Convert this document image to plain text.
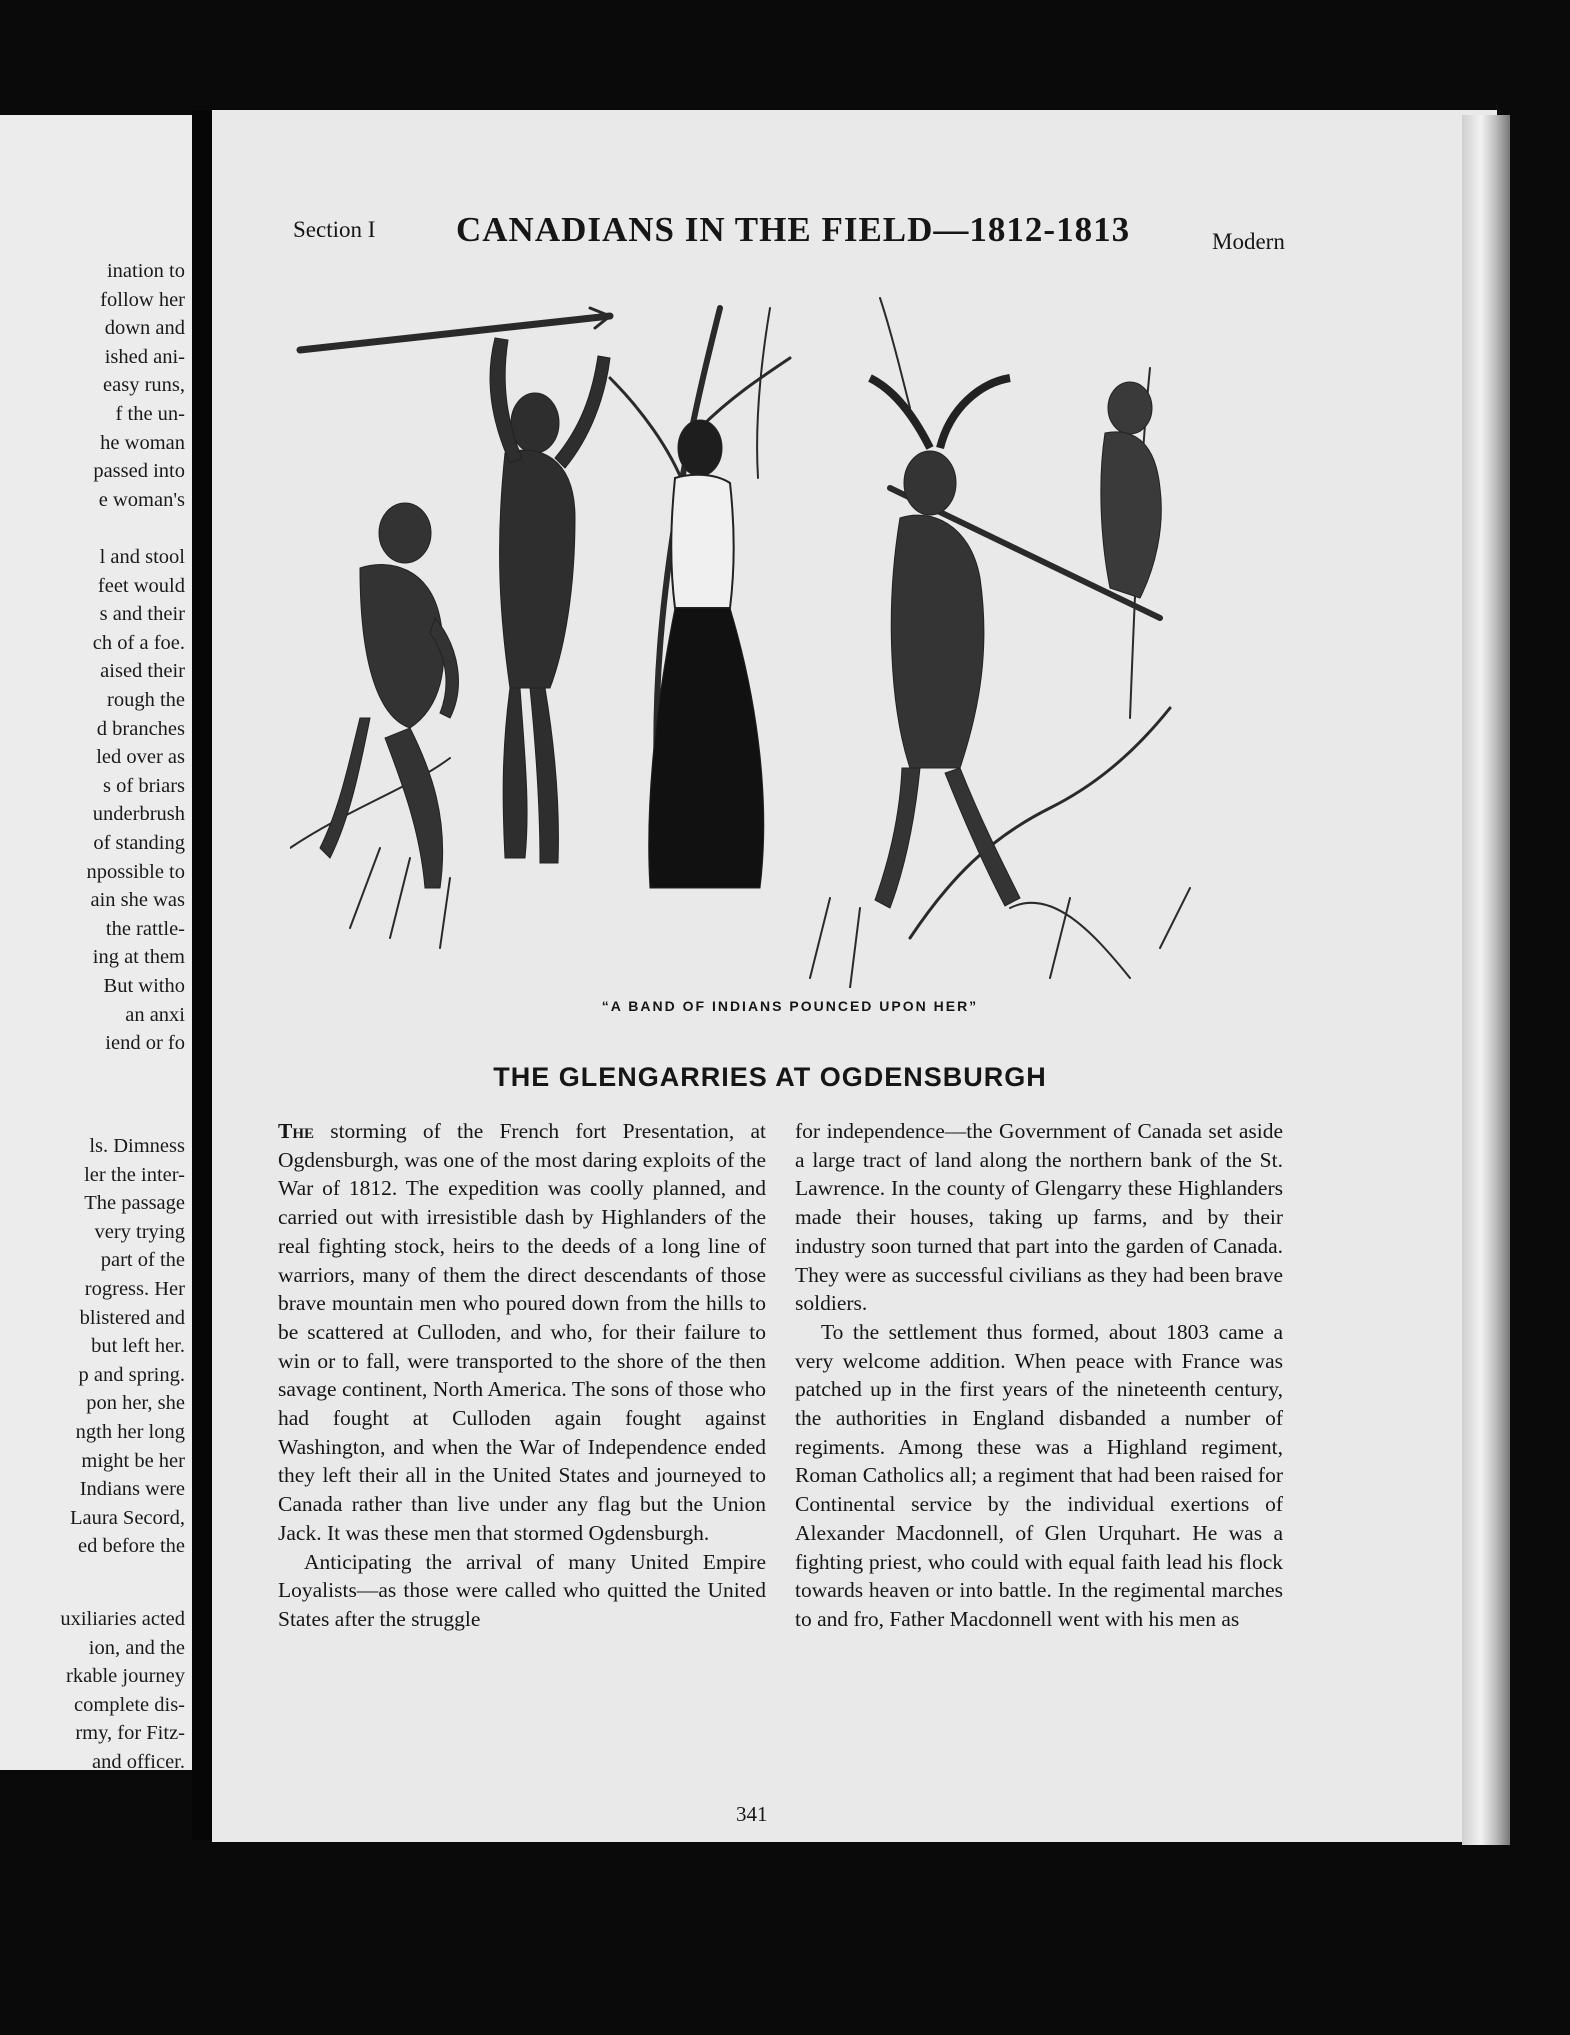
ination to
follow her
down and
ished ani-
easy runs,
f the un-
he woman
passed into
e woman's
l and stool
feet would
s and their
ch of a foe.
aised their
rough the
d branches
led over as
s of briars
underbrush
of standing
npossible to
ain she was
the rattle-
ing at them
But witho
an anxi
iend or fo
ls. Dimness
ler the inter-
The passage
very trying
part of the
rogress. Her
blistered and
but left her.
p and spring.
pon her, she
ngth her long
might be her
Indians were
Laura Secord,
ed before the
uxiliaries acted
ion, and the
rkable journey
complete dis-
rmy, for Fitz-
and officer.
Section I CANADIANS IN THE FIELD—1812-1813	Modern
“A BAND OF INDIANS POUNCED UPON HER”
THE GLENGARRIES AT OGDENSBURGH

The storming of the French fort Presentation, at Ogdensburgh, was one of the most daring exploits of the War of 1812. The expedition was coolly planned, and carried out with irresistible dash by Highlanders of the real fighting stock, heirs to the deeds of a long line of warriors, many of them the direct descendants of those brave mountain men who poured down from the hills to be scattered at Culloden, and who, for their failure to win or to fall, were transported to the shore of the then savage continent, North America. The sons of those who had fought at Culloden again fought against Washington, and when the War of Independence ended they left their all in the United States and journeyed to Canada rather than live under any flag but the Union Jack. It was these men that stormed Ogdensburgh.

Anticipating the arrival of many United Empire Loyalists—as those were called who quitted the United States after the struggle

for independence—the Government of Canada set aside a large tract of land along the northern bank of the St. Lawrence. In the county of Glengarry these Highlanders made their houses, taking up farms, and by their industry soon turned that part into the garden of Canada. They were as successful civilians as they had been brave soldiers.

To the settlement thus formed, about 1803 came a very welcome addition. When peace with France was patched up in the first years of the nineteenth century, the authorities in England disbanded a number of regiments. Among these was a Highland regiment, Roman Catholics all; a regiment that had been raised for Continental service by the individual exertions of Alexander Macdonnell, of Glen Urquhart. He was a fighting priest, who could with equal faith lead his flock towards heaven or into battle. In the regimental marches to and fro, Father Macdonnell went with his men as

341
